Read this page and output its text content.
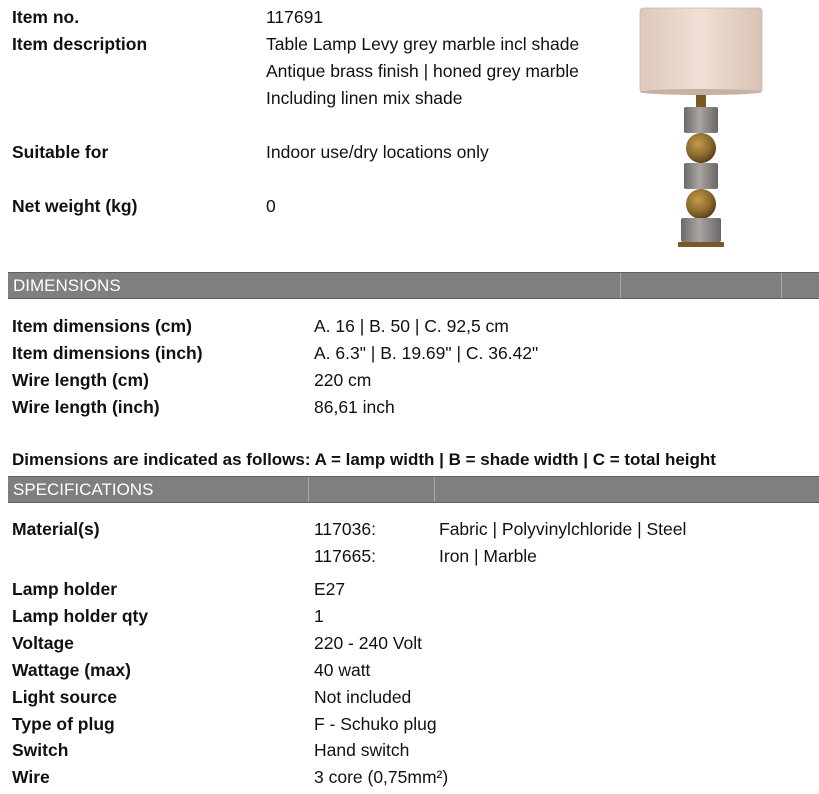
Item no.	117691
Item description	Table Lamp Levy grey marble incl shade
Antique brass finish | honed grey marble
Including linen mix shade
Suitable for	Indoor use/dry locations only
Net weight (kg)	0
DIMENSIONS
Item dimensions (cm)	A. 16 | B. 50 | C. 92,5 cm
Item dimensions (inch)	A. 6.3" | B. 19.69" | C. 36.42"
Wire length (cm)	220 cm
Wire length (inch)	86,61 inch
Dimensions are indicated as follows: A = lamp width | B = shade width | C = total height
SPECIFICATIONS
Material(s)	117036:	Fabric | Polyvinylchloride | Steel
117665:	Iron | Marble
Lamp holder	E27
Lamp holder qty	1
Voltage	220 - 240 Volt
Wattage (max)	40 watt
Light source	Not included
Type of plug	F - Schuko plug
Switch	Hand switch
Wire	3 core (0,75mm²)
